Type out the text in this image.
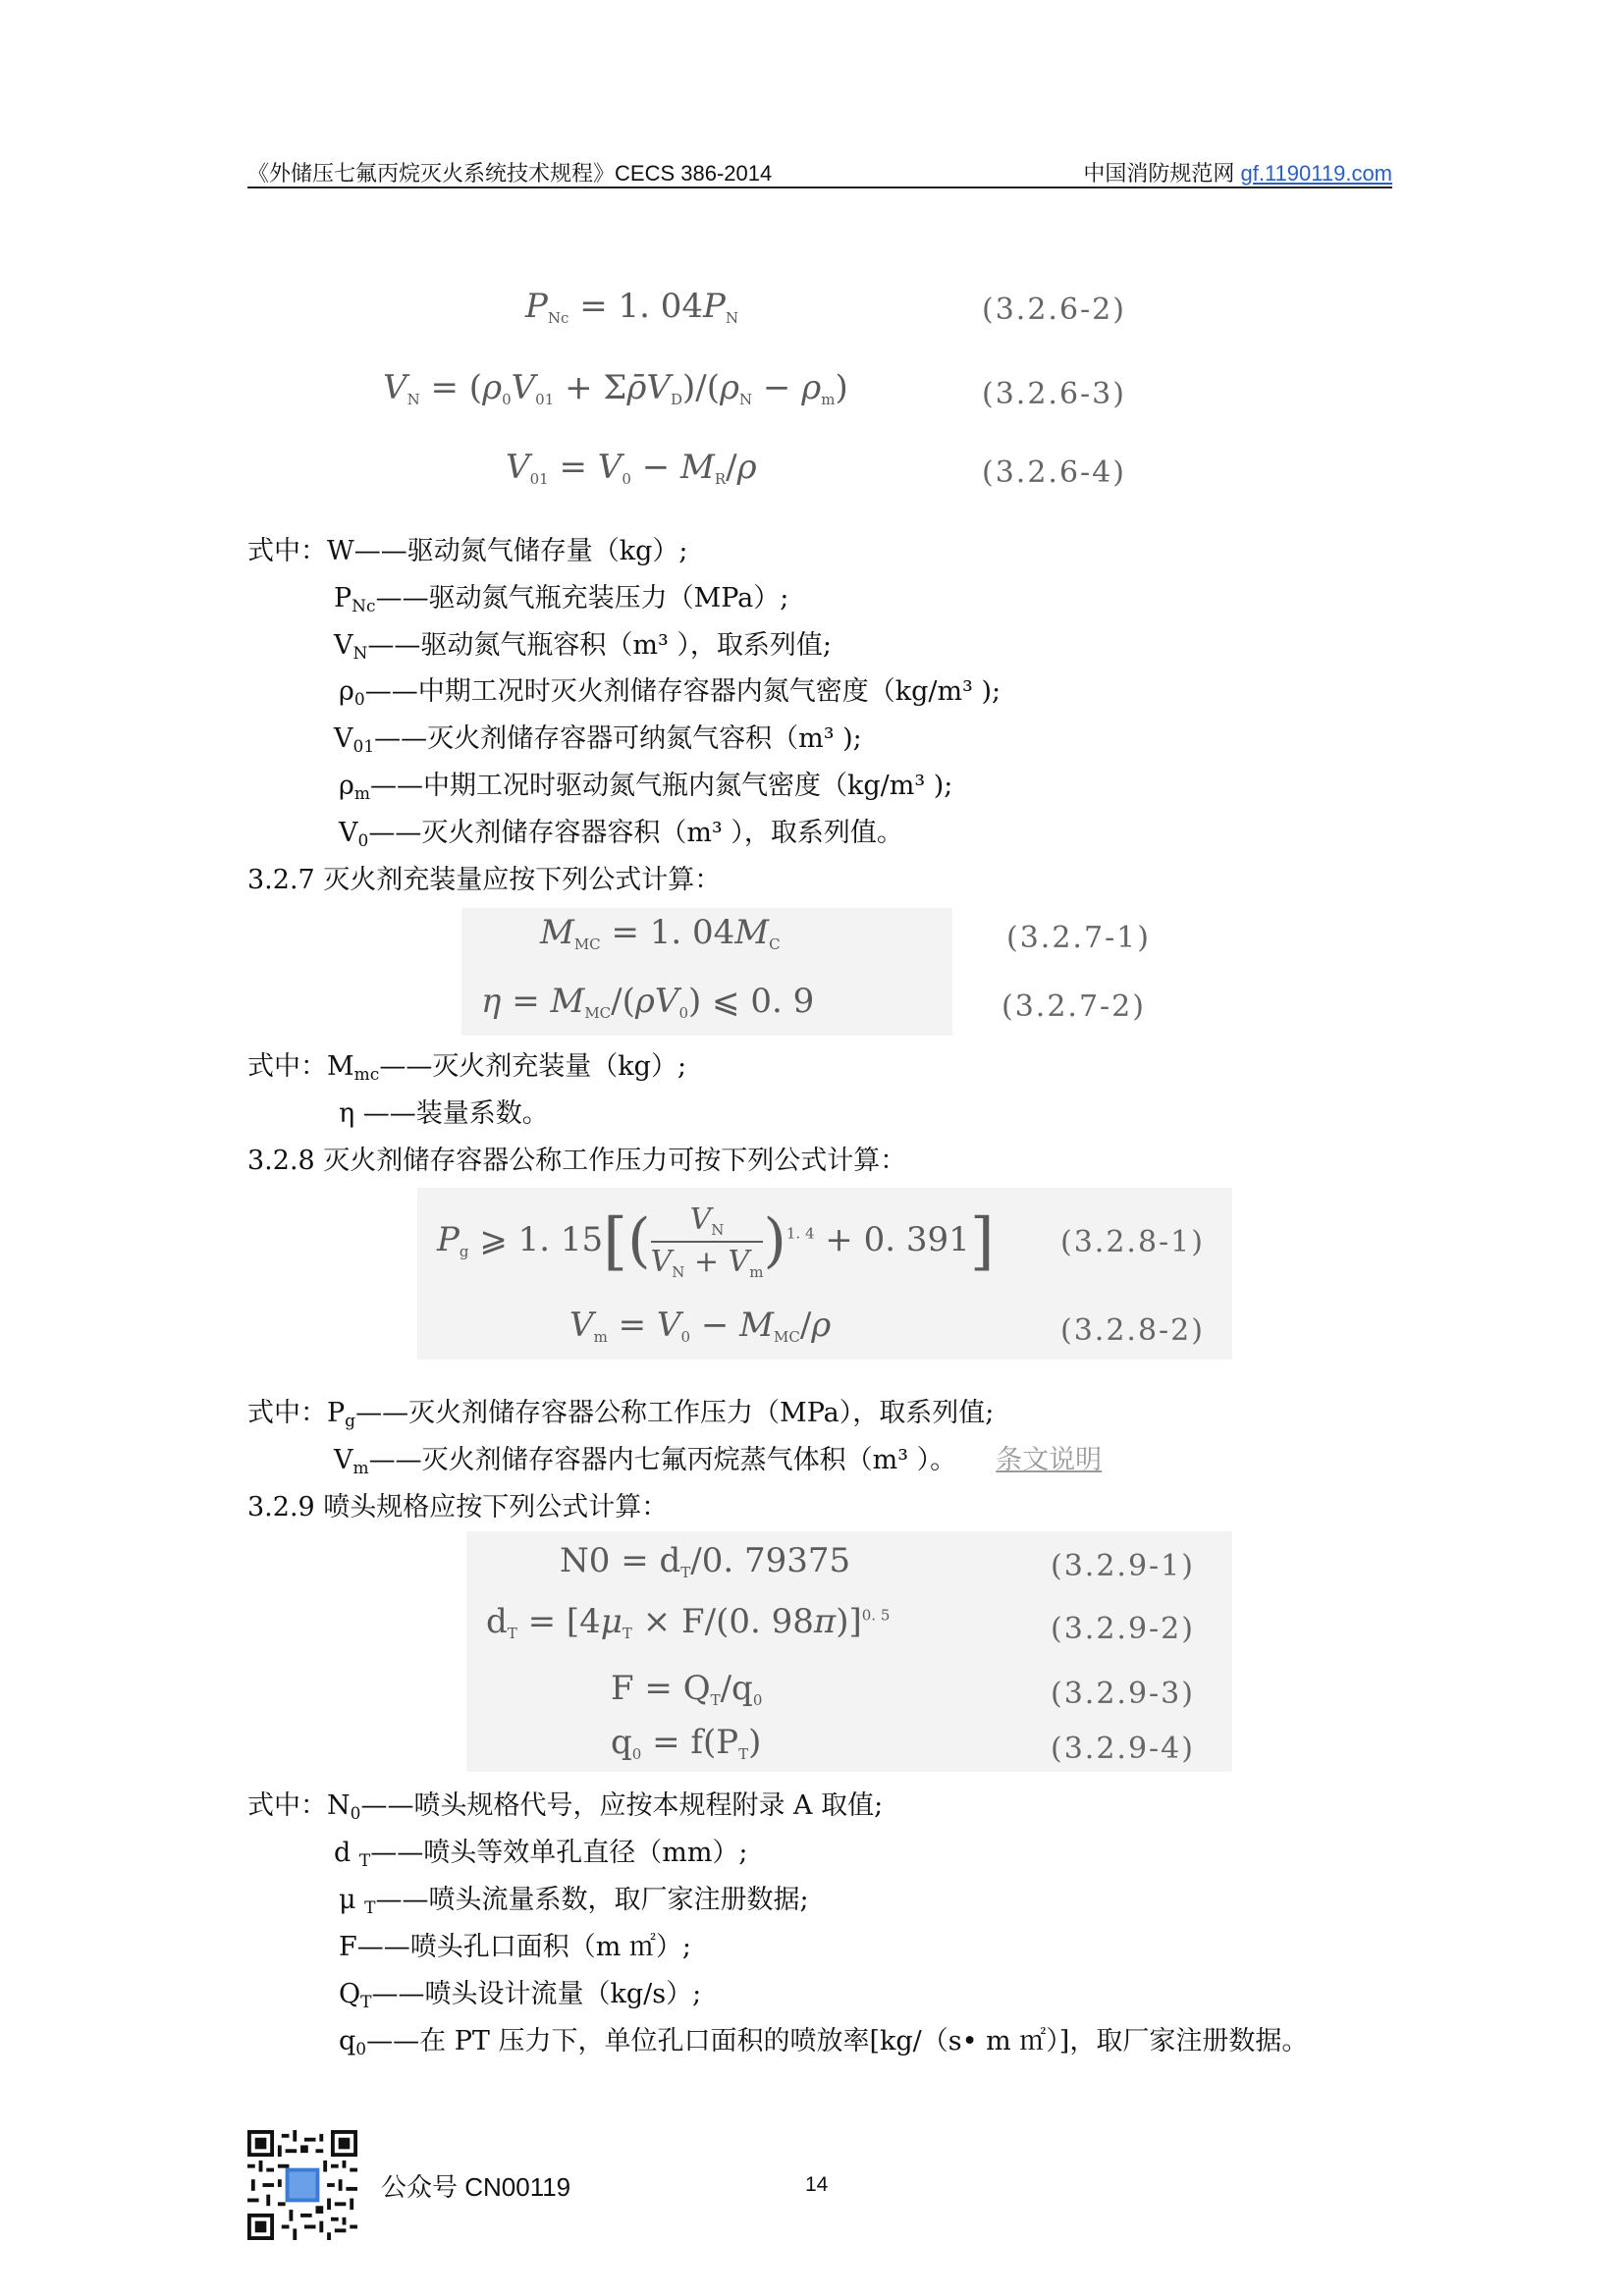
《外储压七氟丙烷灭火系统技术规程》CECS 386-2014	中国消防规范网 gf.1190119.com
$P_{Nc} = 1$. $04P_N$	(3.2.6-2)
$V_N = (\rho_0V_{01}$ + $\Sigma\rhōV_D)/(\rho_N - \rho_m)$	(3.2.6-3)
$V_{01} = V_0 - M_R/\rho$	(3.2.6-4)
式中：W——驱动氮气储存量（kg）;
$P_{Nc}——$驱动氮气瓶充装压力（MPa）;
$V_N——$驱动氮气瓶容积（m³ ），取系列值;
$\rho_0——$中期工况时灭火剂储存容器内氮气密度（kg/m³ );
$V_{01}——$灭火剂储存容器可纳氮气容积（m³ );
$\rho_m——$中期工况时驱动氮气瓶内氮气密度（kg/m³ );
$V_0——$灭火剂储存容器容积（m³ ），取系列值。
3.2.7 灭火剂充装量应按下列公式计算：
$M_{MC} = 1$. $04M_C$	(3.2.7-1)
$\eta = M_{MC}/(\rho V_0)$ ⩽ 0. 9	(3.2.7-2)
式中：$M_{mc}——$灭火剂充装量（kg）;
η ——装量系数。
3.2.8 灭火剂储存容器公称工作压力可按下列公式计算：
$P_g$ ⩾ 1. $15[( \frac{V_N}{V_N + V_m} )^{1. 4} + 0$. 391] (3.2.8-1)
$V_m = V_0 - M_{MC}/\rho$	(3.2.8-2)
式中：$P_g——$灭火剂储存容器公称工作压力（MPa），取系列值;
$V_m——$灭火剂储存容器内七氟丙烷蒸气体积（m³ ）。 条文说明
3.2.9 喷头规格应按下列公式计算：
$N0 = d_T/0$. 79375	(3.2.9-1)
$d_T = [4\mu_T \times F/(0$. 98π)]$^{0. 5}$	(3.2.9-2)
$F = Q_T/q_0$	(3.2.9-3)
$q_0 = f(P_T)$	(3.2.9-4)
式中：$N_0——$喷头规格代号，应按本规程附录 A 取值;
d $_T$——喷头等效单孔直径（mm）;
μ $_T$——喷头流量系数，取厂家注册数据;
F——喷头孔口面积（m ㎡）;
$Q_T——$喷头设计流量（kg/s）;
$q_0——$在 PT 压力下，单位孔口面积的喷放率[kg/（s• m ㎡）]，取厂家注册数据。
公众号 CN00119	14
